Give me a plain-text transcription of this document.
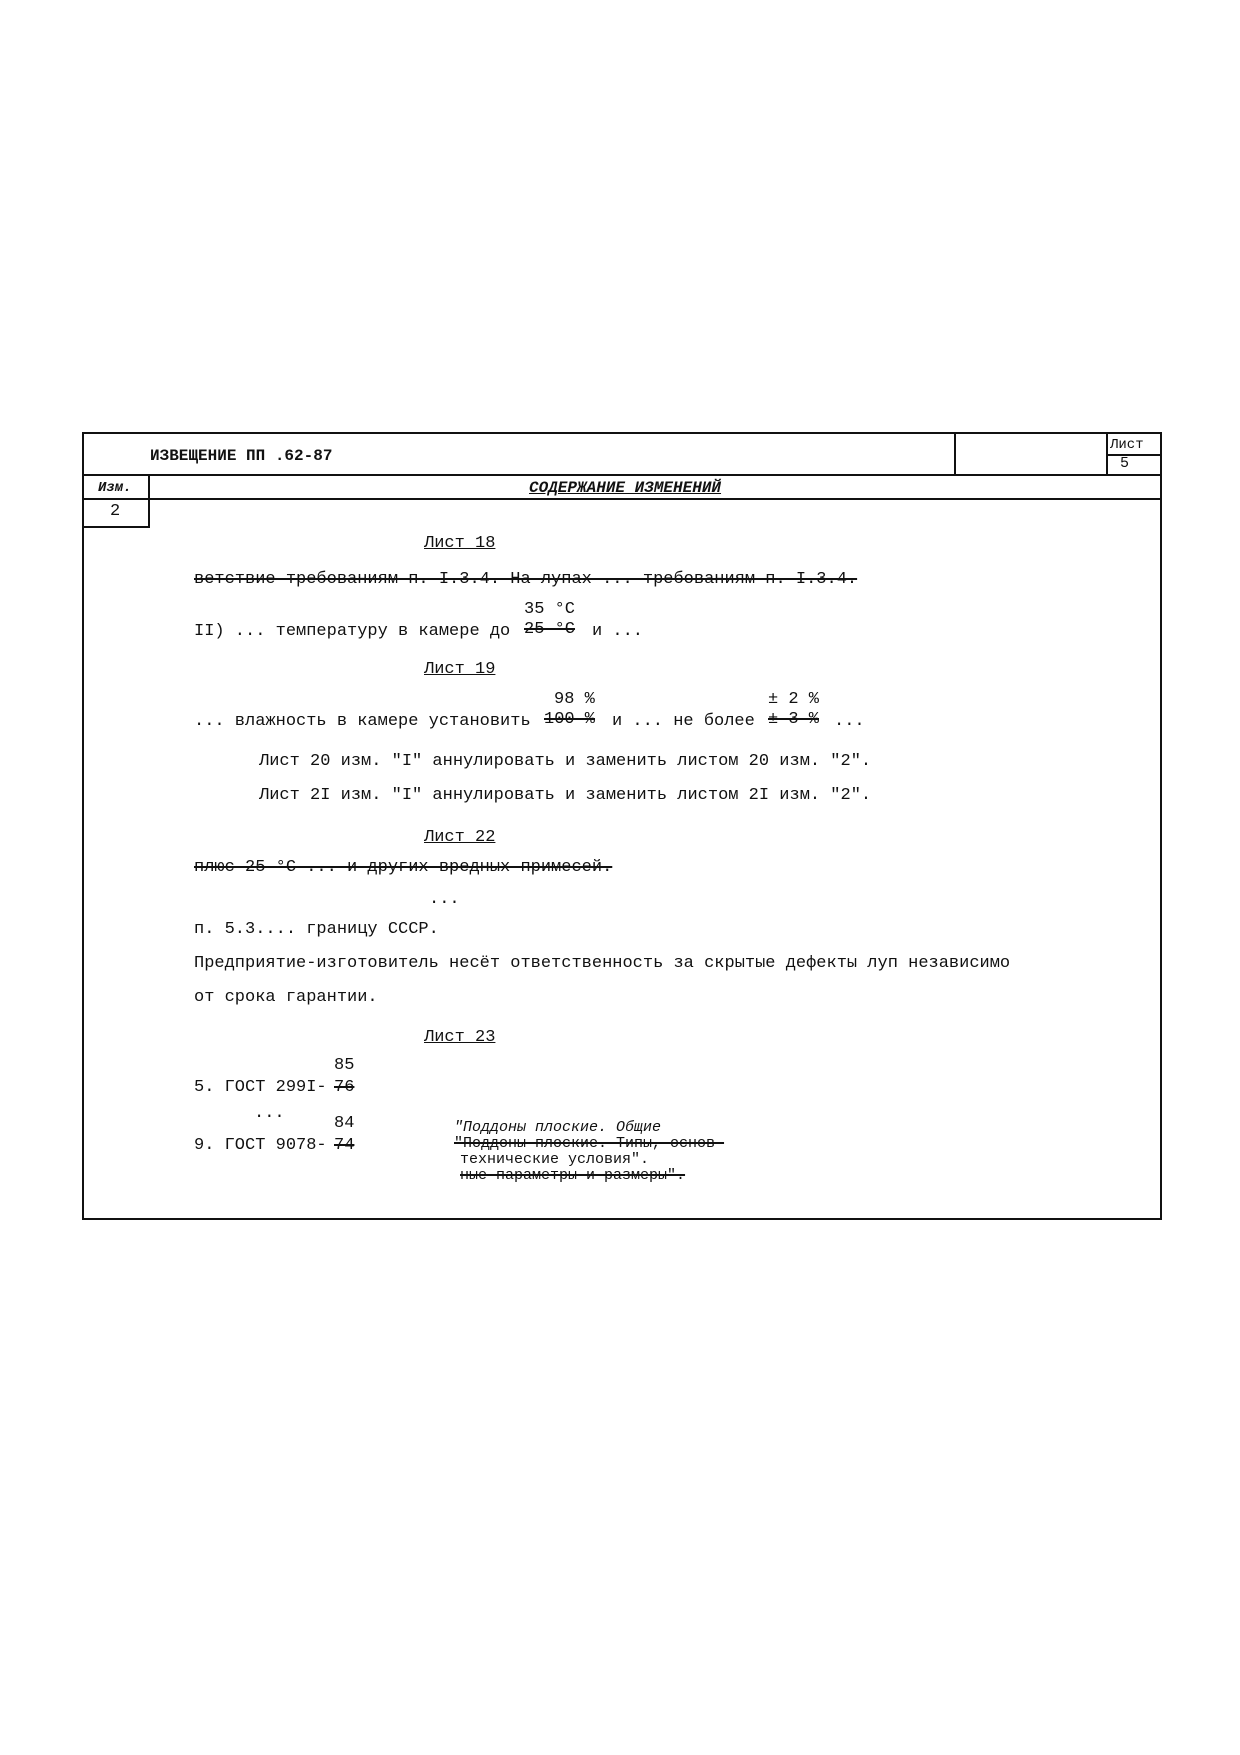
ИЗВЕЩЕНИЕ ПП .62-87
Лист
5
Изм.
2
СОДЕРЖАНИЕ ИЗМЕНЕНИЙ
Лист 18
ветствие требованиям п. I.3.4. На лупах ... требованиям п. I.3.4.
II) ... температуру в камере до
35 °C
25 °C и ...
Лист 19
... влажность в камере установить
98 %
100 % и ... не более
± 2 %
± 3 % ...
Лист 20 изм. "I" аннулировать и заменить листом 20 изм. "2".
Лист 2I изм. "I" аннулировать и заменить листом 2I изм. "2".
Лист 22
плюс 25 °C ... и других вредных примесей.
...
п. 5.3.... границу СССР.
Предприятие-изготовитель несёт ответственность за скрытые дефекты луп независимо
от срока гарантии.
Лист 23
5. ГОСТ 299I-
85
76
...
9. ГОСТ 9078-
84
74
"Поддоны плоские. Общие
"Поддоны плоские. Типы, основ-
технические условия".
ные параметры и размеры".
